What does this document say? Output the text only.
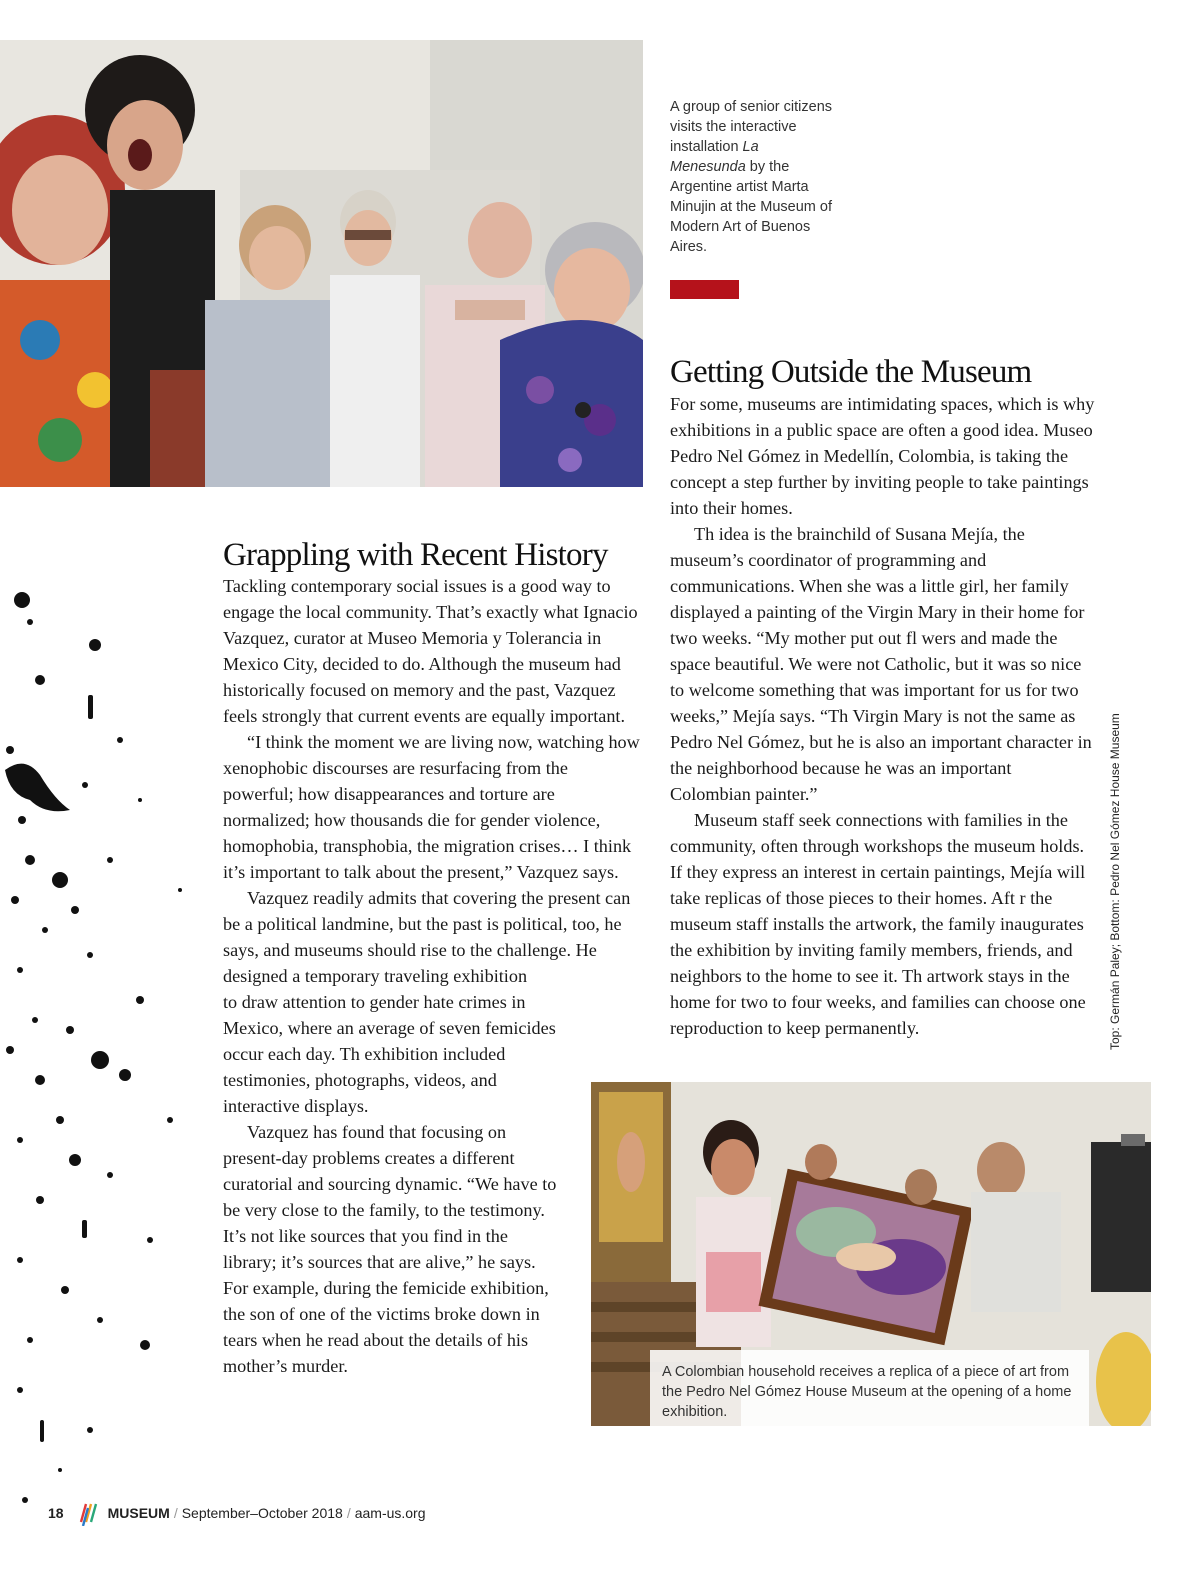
A group of senior citizens visits the interactive installation La Menesunda by the Argentine artist Marta Minujin at the Museum of Modern Art of Buenos Aires.
Getting Outside the Museum

For some, museums are intimidating spaces, which is why exhibitions in a public space are often a good idea. Museo Pedro Nel Gómez in Medellín, Colombia, is taking the concept a step further by inviting people to take paintings into their homes.

Th idea is the brainchild of Susana Mejía, the museum’s coordinator of programming and communications. When she was a little girl, her family displayed a painting of the Virgin Mary in their home for two weeks. “My mother put out fl wers and made the space beautiful. We were not Catholic, but it was so nice to welcome something that was important for us for two weeks,” Mejía says. “Th Virgin Mary is not the same as Pedro Nel Gómez, but he is also an important character in the neighborhood because he was an important Colombian painter.”

Museum staff seek connections with families in the community, often through workshops the museum holds. If they express an interest in certain paintings, Mejía will take replicas of those pieces to their homes. Aft r the museum staff installs the artwork, the family inaugurates the exhibition by inviting family members, friends, and neighbors to the home to see it. Th artwork stays in the home for two to four weeks, and families can choose one reproduction to keep permanently.

Grappling with Recent History

Tackling contemporary social issues is a good way to engage the local community. That’s exactly what Ignacio Vazquez, curator at Museo Memoria y Tolerancia in Mexico City, decided to do. Although the museum had historically focused on memory and the past, Vazquez feels strongly that current events are equally important.

“I think the moment we are living now, watching how xenophobic discourses are resurfacing from the powerful; how disappearances and torture are normalized; how thousands die for gender violence, homophobia, transphobia, the migration crises… I think it’s important to talk about the present,” Vazquez says.

Vazquez readily admits that covering the present can be a political landmine, but the past is political, too, he says, and museums should rise to the challenge. He designed a temporary traveling exhibition

to draw attention to gender hate crimes in Mexico, where an average of seven femicides occur each day. Th exhibition included testimonies, photographs, videos, and interactive displays.

Vazquez has found that focusing on present-day problems creates a different curatorial and sourcing dynamic. “We have to be very close to the family, to the testimony. It’s not like sources that you find in the library; it’s sources that are alive,” he says. For example, during the femicide exhibition, the son of one of the victims broke down in tears when he read about the details of his mother’s murder.	A Colombian household receives a replica of a piece of art from the Pedro Nel Gómez House Museum at the opening of a home exhibition.
Top: Germán Paley; Bottom: Pedro Nel Gómez House Museum
18	MUSEUM / September–October 2018 / aam-us.org
